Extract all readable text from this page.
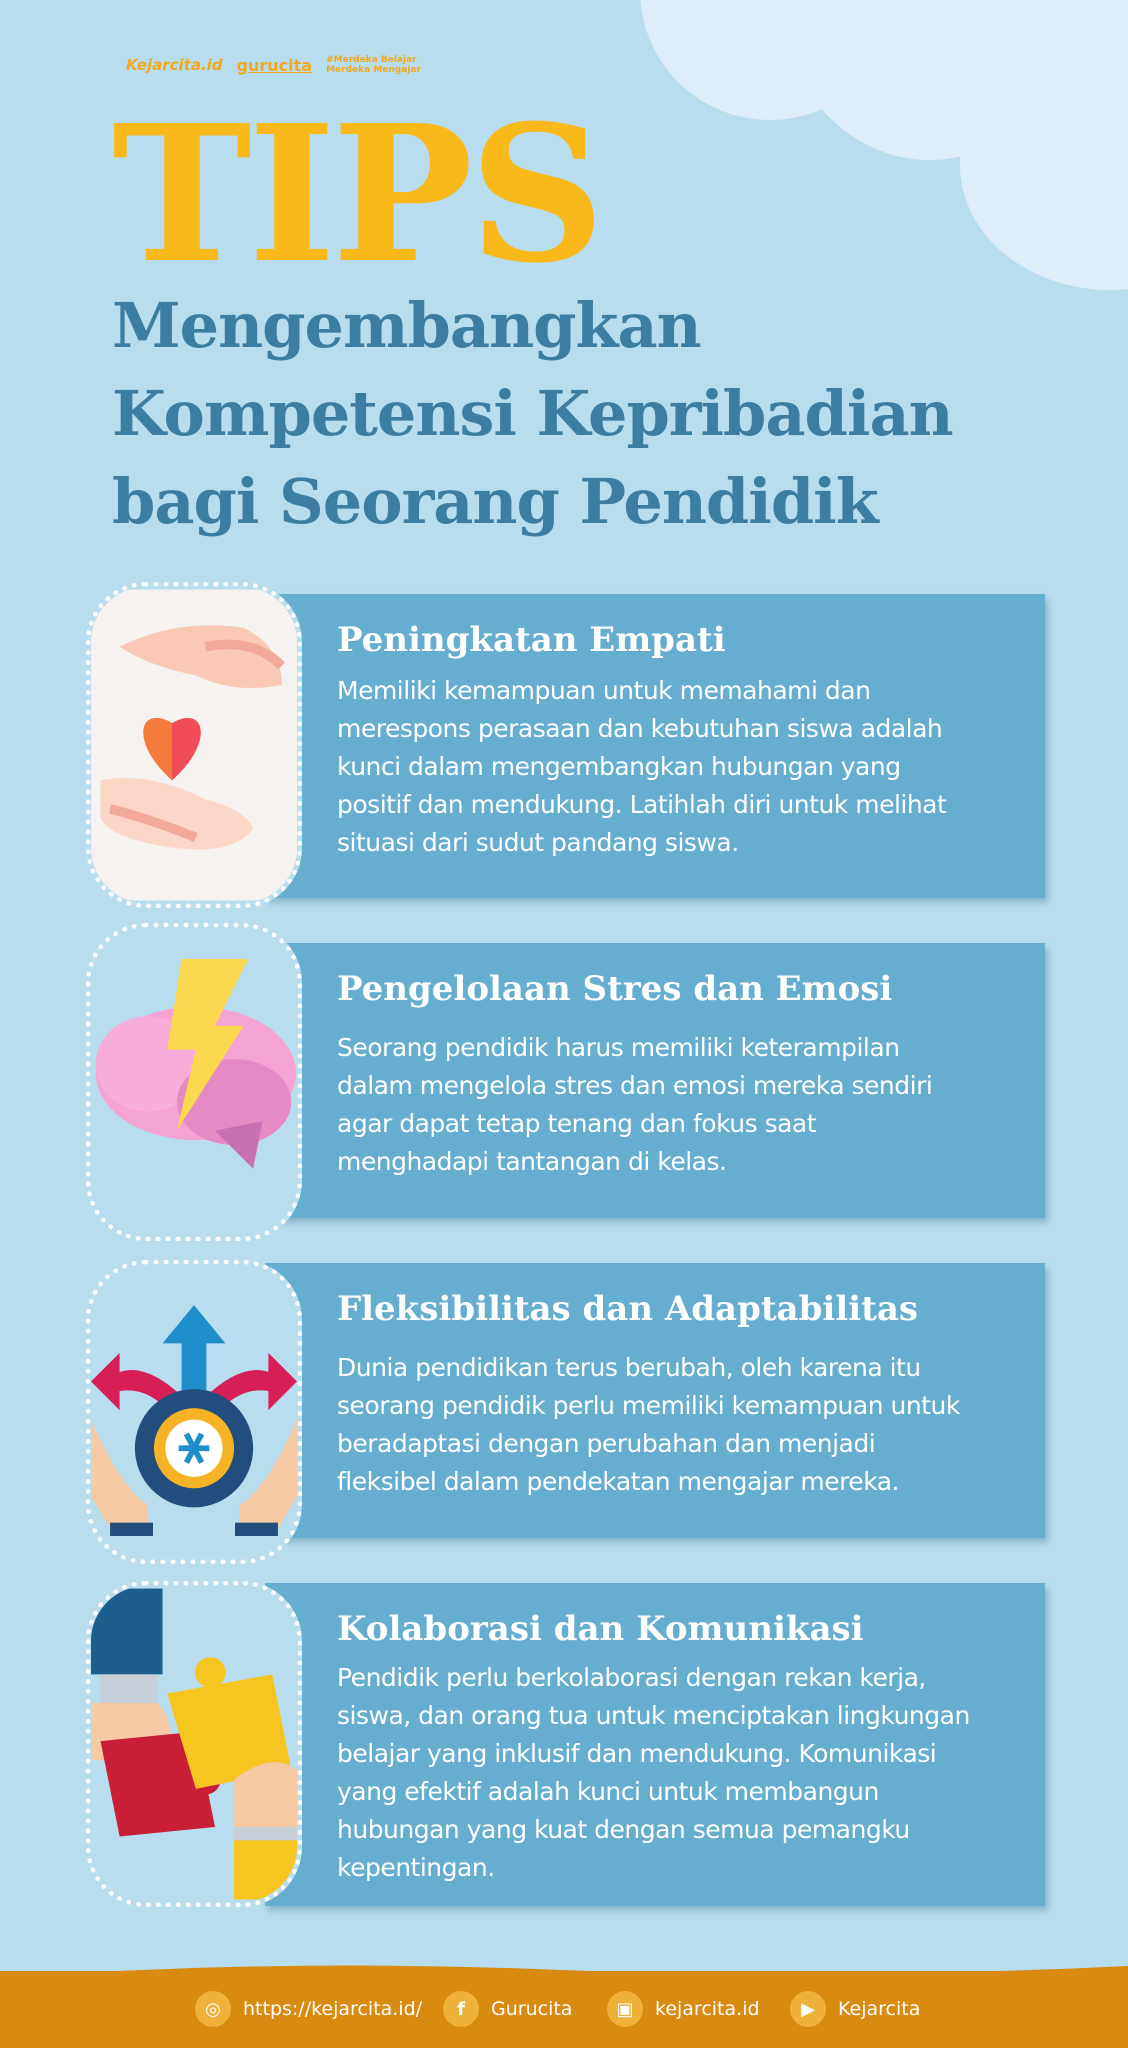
Kejarcita.id gurucita #Merdeka Belajar
Merdeka Mengajar
TIPS
Mengembangkan
Kompetensi Kepribadian
bagi Seorang Pendidik
Peningkatan Empati
Memiliki kemampuan untuk memahami dan
merespons perasaan dan kebutuhan siswa adalah
kunci dalam mengembangkan hubungan yang
positif dan mendukung. Latihlah diri untuk melihat
situasi dari sudut pandang siswa.
Pengelolaan Stres dan Emosi
Seorang pendidik harus memiliki keterampilan
dalam mengelola stres dan emosi mereka sendiri
agar dapat tetap tenang dan fokus saat
menghadapi tantangan di kelas.
Fleksibilitas dan Adaptabilitas
Dunia pendidikan terus berubah, oleh karena itu
seorang pendidik perlu memiliki kemampuan untuk
beradaptasi dengan perubahan dan menjadi
fleksibel dalam pendekatan mengajar mereka.
Kolaborasi dan Komunikasi
Pendidik perlu berkolaborasi dengan rekan kerja,
siswa, dan orang tua untuk menciptakan lingkungan
belajar yang inklusif dan mendukung. Komunikasi
yang efektif adalah kunci untuk membangun
hubungan yang kuat dengan semua pemangku
kepentingan.
◎	https://kejarcita.id/	f	Gurucita	▣	kejarcita.id	▶	Kejarcita
